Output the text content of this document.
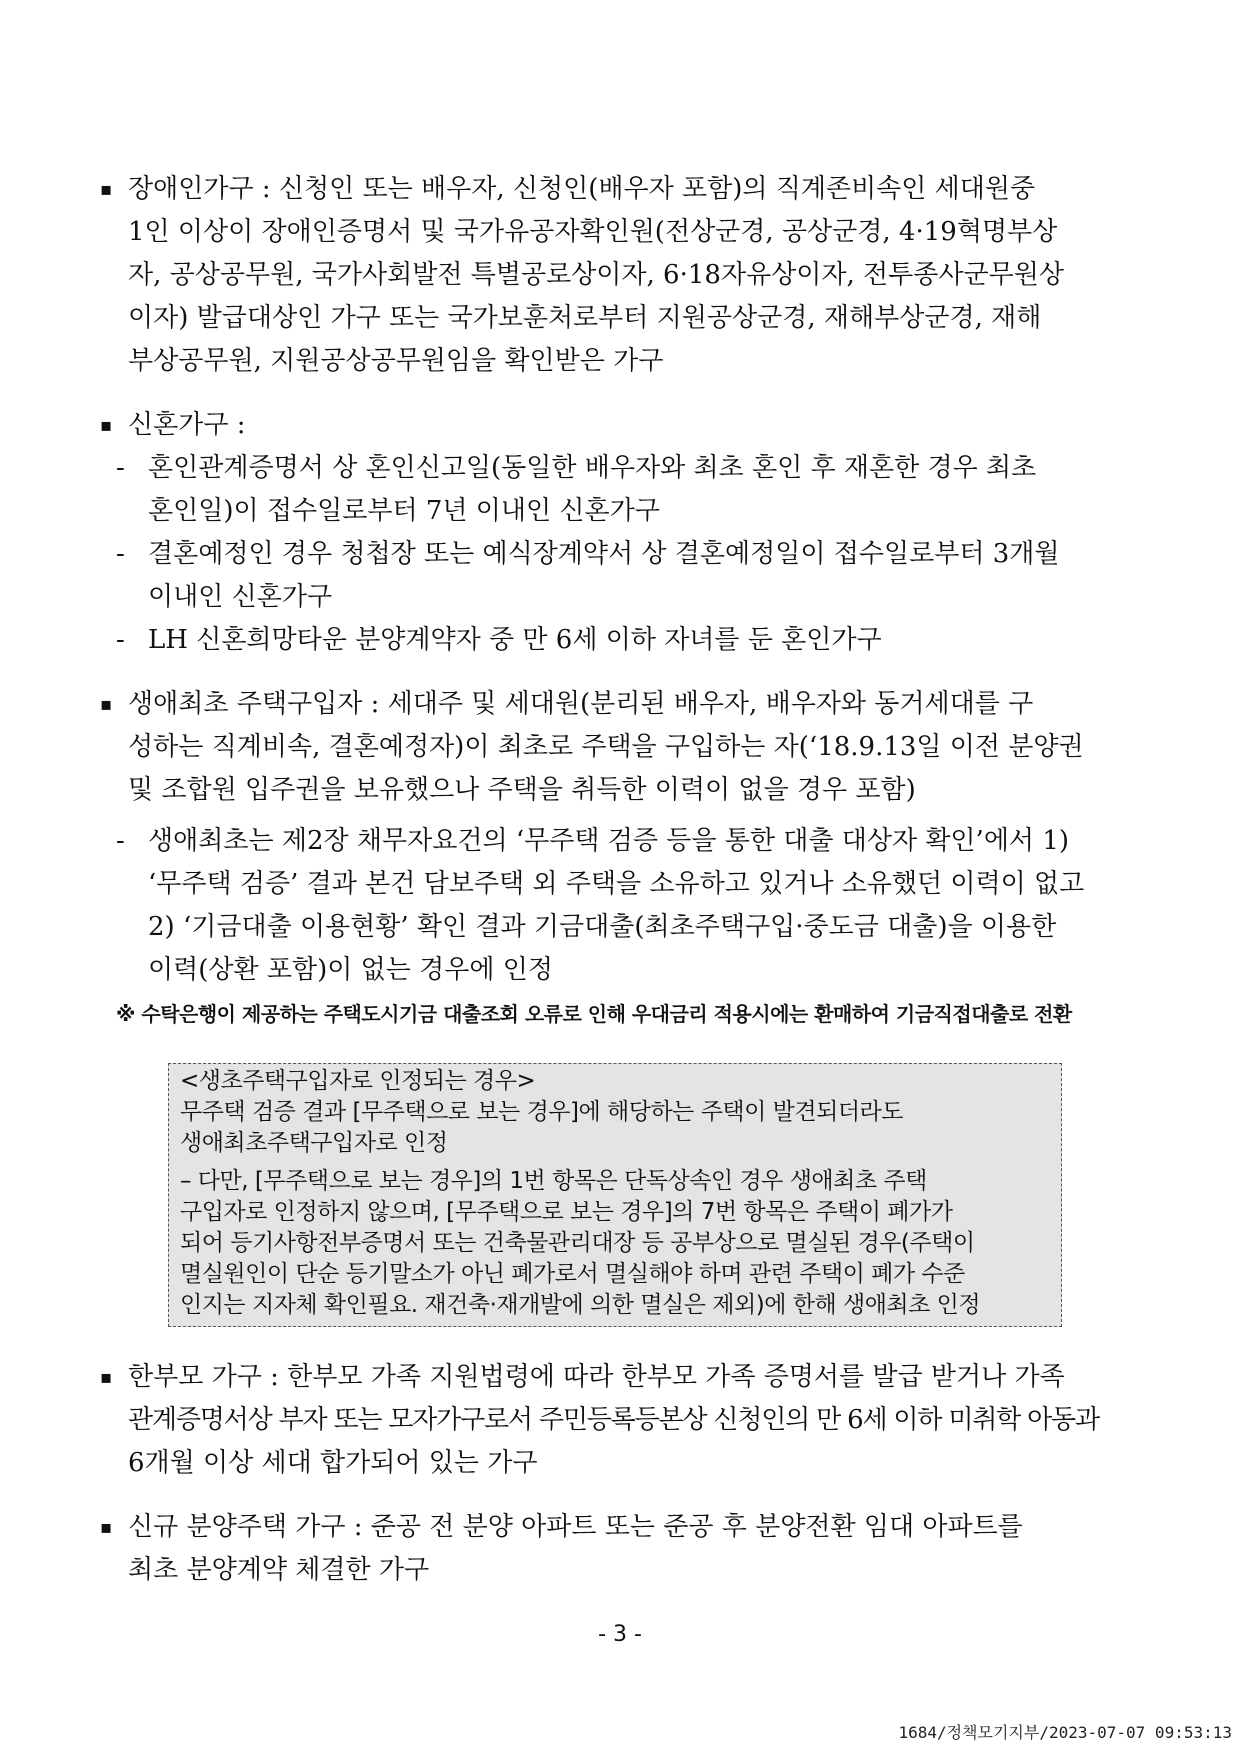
▪ 장애인가구 : 신청인 또는 배우자, 신청인(배우자 포함)의 직계존비속인 세대원중
1인 이상이 장애인증명서 및 국가유공자확인원(전상군경, 공상군경, 4·19혁명부상
자, 공상공무원, 국가사회발전 특별공로상이자, 6·18자유상이자, 전투종사군무원상
이자) 발급대상인 가구 또는 국가보훈처로부터 지원공상군경, 재해부상군경, 재해
부상공무원, 지원공상공무원임을 확인받은 가구
▪ 신혼가구 :
- 혼인관계증명서 상 혼인신고일(동일한 배우자와 최초 혼인 후 재혼한 경우 최초
혼인일)이 접수일로부터 7년 이내인 신혼가구
- 결혼예정인 경우 청첩장 또는 예식장계약서 상 결혼예정일이 접수일로부터 3개월
이내인 신혼가구
- LH 신혼희망타운 분양계약자 중 만 6세 이하 자녀를 둔 혼인가구
▪ 생애최초 주택구입자 : 세대주 및 세대원(분리된 배우자, 배우자와 동거세대를 구
성하는 직계비속, 결혼예정자)이 최초로 주택을 구입하는 자(‘18.9.13일 이전 분양권
및 조합원 입주권을 보유했으나 주택을 취득한 이력이 없을 경우 포함)
- 생애최초는 제2장 채무자요건의 ‘무주택 검증 등을 통한 대출 대상자 확인’에서 1)
‘무주택 검증’ 결과 본건 담보주택 외 주택을 소유하고 있거나 소유했던 이력이 없고
2) ‘기금대출 이용현황’ 확인 결과 기금대출(최초주택구입·중도금 대출)을 이용한
이력(상환 포함)이 없는 경우에 인정
※ 수탁은행이 제공하는 주택도시기금 대출조회 오류로 인해 우대금리 적용시에는 환매하여 기금직접대출로 전환
<생초주택구입자로 인정되는 경우>
무주택 검증 결과 [무주택으로 보는 경우]에 해당하는 주택이 발견되더라도
생애최초주택구입자로 인정
– 다만, [무주택으로 보는 경우]의 1번 항목은 단독상속인 경우 생애최초 주택
구입자로 인정하지 않으며, [무주택으로 보는 경우]의 7번 항목은 주택이 폐가가
되어 등기사항전부증명서 또는 건축물관리대장 등 공부상으로 멸실된 경우(주택이
멸실원인이 단순 등기말소가 아닌 폐가로서 멸실해야 하며 관련 주택이 폐가 수준
인지는 지자체 확인필요. 재건축·재개발에 의한 멸실은 제외)에 한해 생애최초 인정
▪ 한부모 가구 : 한부모 가족 지원법령에 따라 한부모 가족 증명서를 발급 받거나 가족
관계증명서상 부자 또는 모자가구로서 주민등록등본상 신청인의 만 6세 이하 미취학 아동과
6개월 이상 세대 합가되어 있는 가구
▪ 신규 분양주택 가구 : 준공 전 분양 아파트 또는 준공 후 분양전환 임대 아파트를
최초 분양계약 체결한 가구
- 3 -
1684/정책모기지부/2023-07-07 09:53:13
